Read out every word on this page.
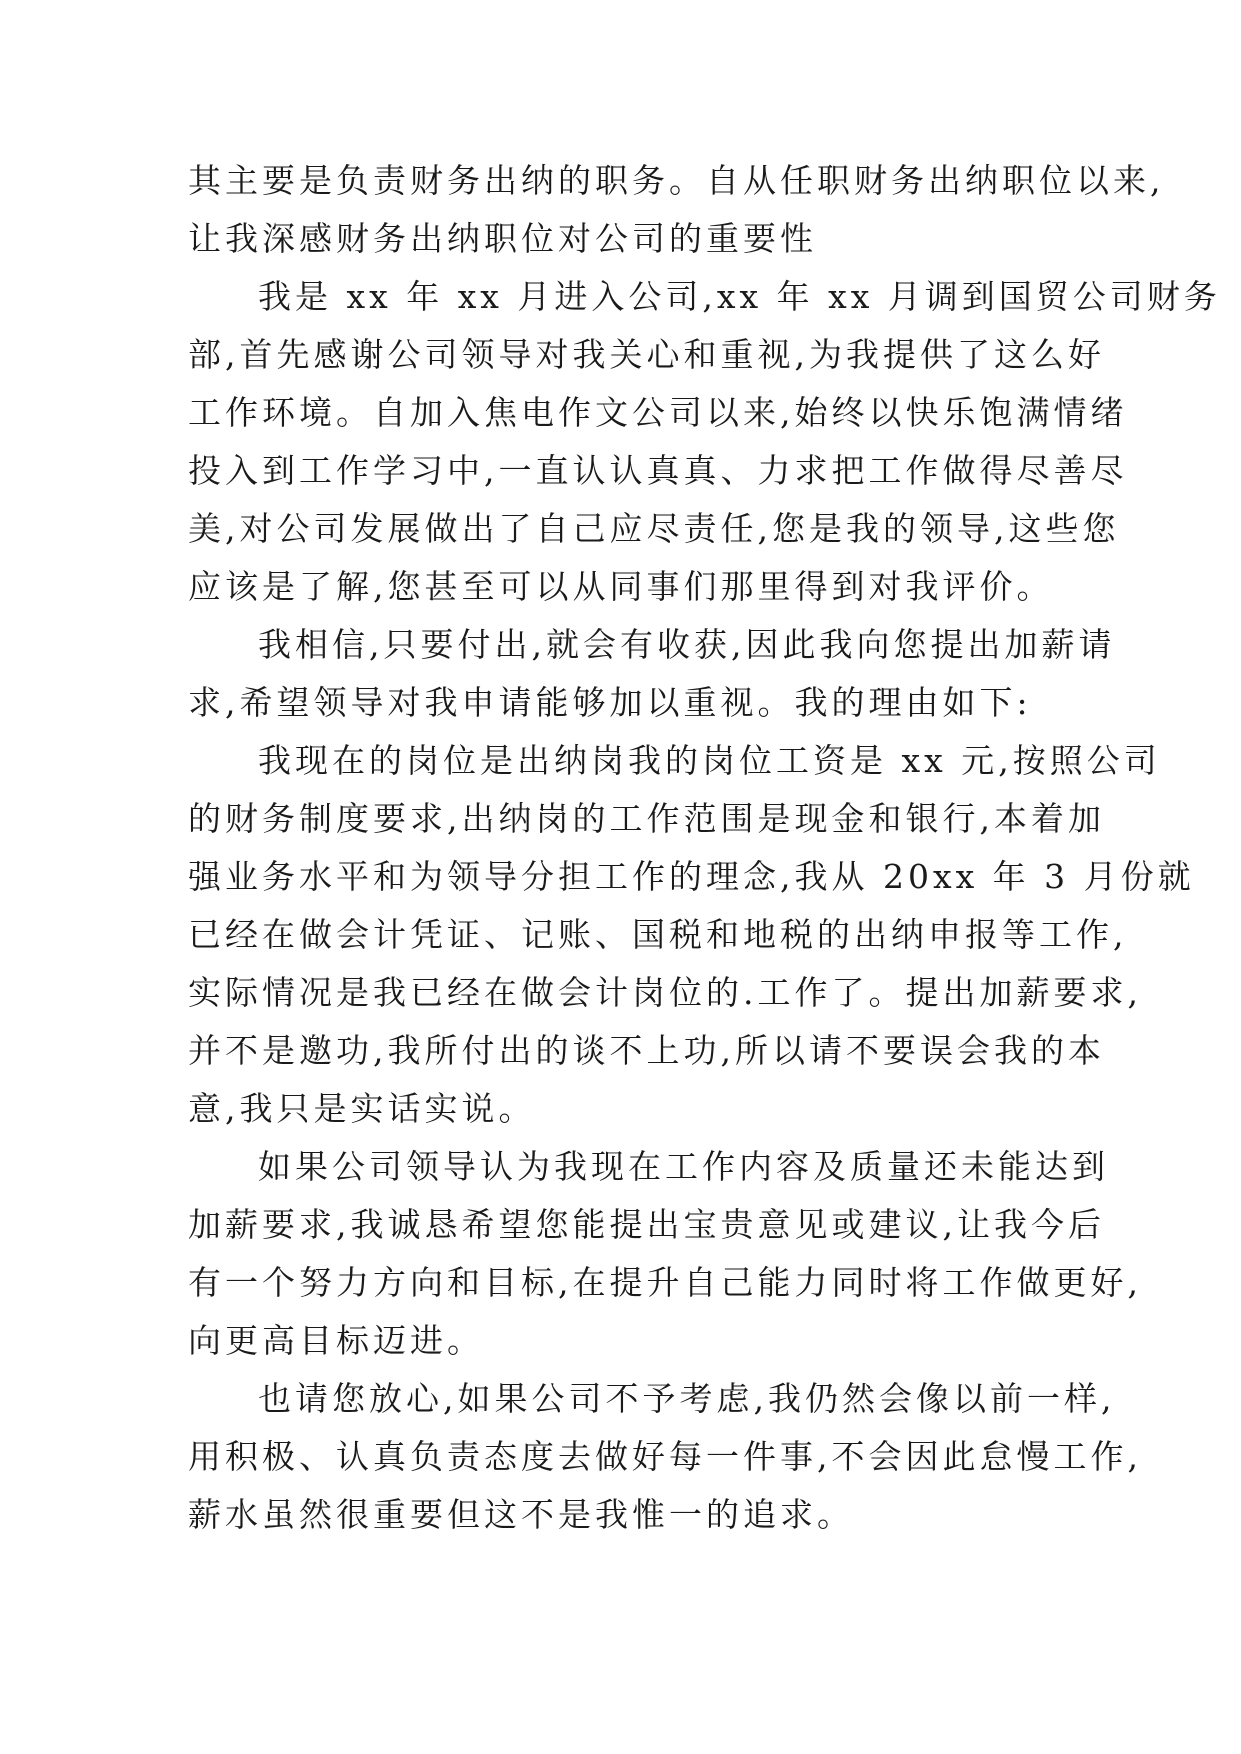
其主要是负责财务出纳的职务。自从任职财务出纳职位以来,
让我深感财务出纳职位对公司的重要性
我是 xx 年 xx 月进入公司,xx 年 xx 月调到国贸公司财务
部,首先感谢公司领导对我关心和重视,为我提供了这么好
工作环境。自加入焦电作文公司以来,始终以快乐饱满情绪
投入到工作学习中,一直认认真真、力求把工作做得尽善尽
美,对公司发展做出了自己应尽责任,您是我的领导,这些您
应该是了解,您甚至可以从同事们那里得到对我评价。
我相信,只要付出,就会有收获,因此我向您提出加薪请
求,希望领导对我申请能够加以重视。我的理由如下:
我现在的岗位是出纳岗我的岗位工资是 xx 元,按照公司
的财务制度要求,出纳岗的工作范围是现金和银行,本着加
强业务水平和为领导分担工作的理念,我从 20xx 年 3 月份就
已经在做会计凭证、记账、国税和地税的出纳申报等工作,
实际情况是我已经在做会计岗位的.工作了。提出加薪要求,
并不是邀功,我所付出的谈不上功,所以请不要误会我的本
意,我只是实话实说。
如果公司领导认为我现在工作内容及质量还未能达到
加薪要求,我诚恳希望您能提出宝贵意见或建议,让我今后
有一个努力方向和目标,在提升自己能力同时将工作做更好,
向更高目标迈进。
也请您放心,如果公司不予考虑,我仍然会像以前一样,
用积极、认真负责态度去做好每一件事,不会因此怠慢工作,
薪水虽然很重要但这不是我惟一的追求。
